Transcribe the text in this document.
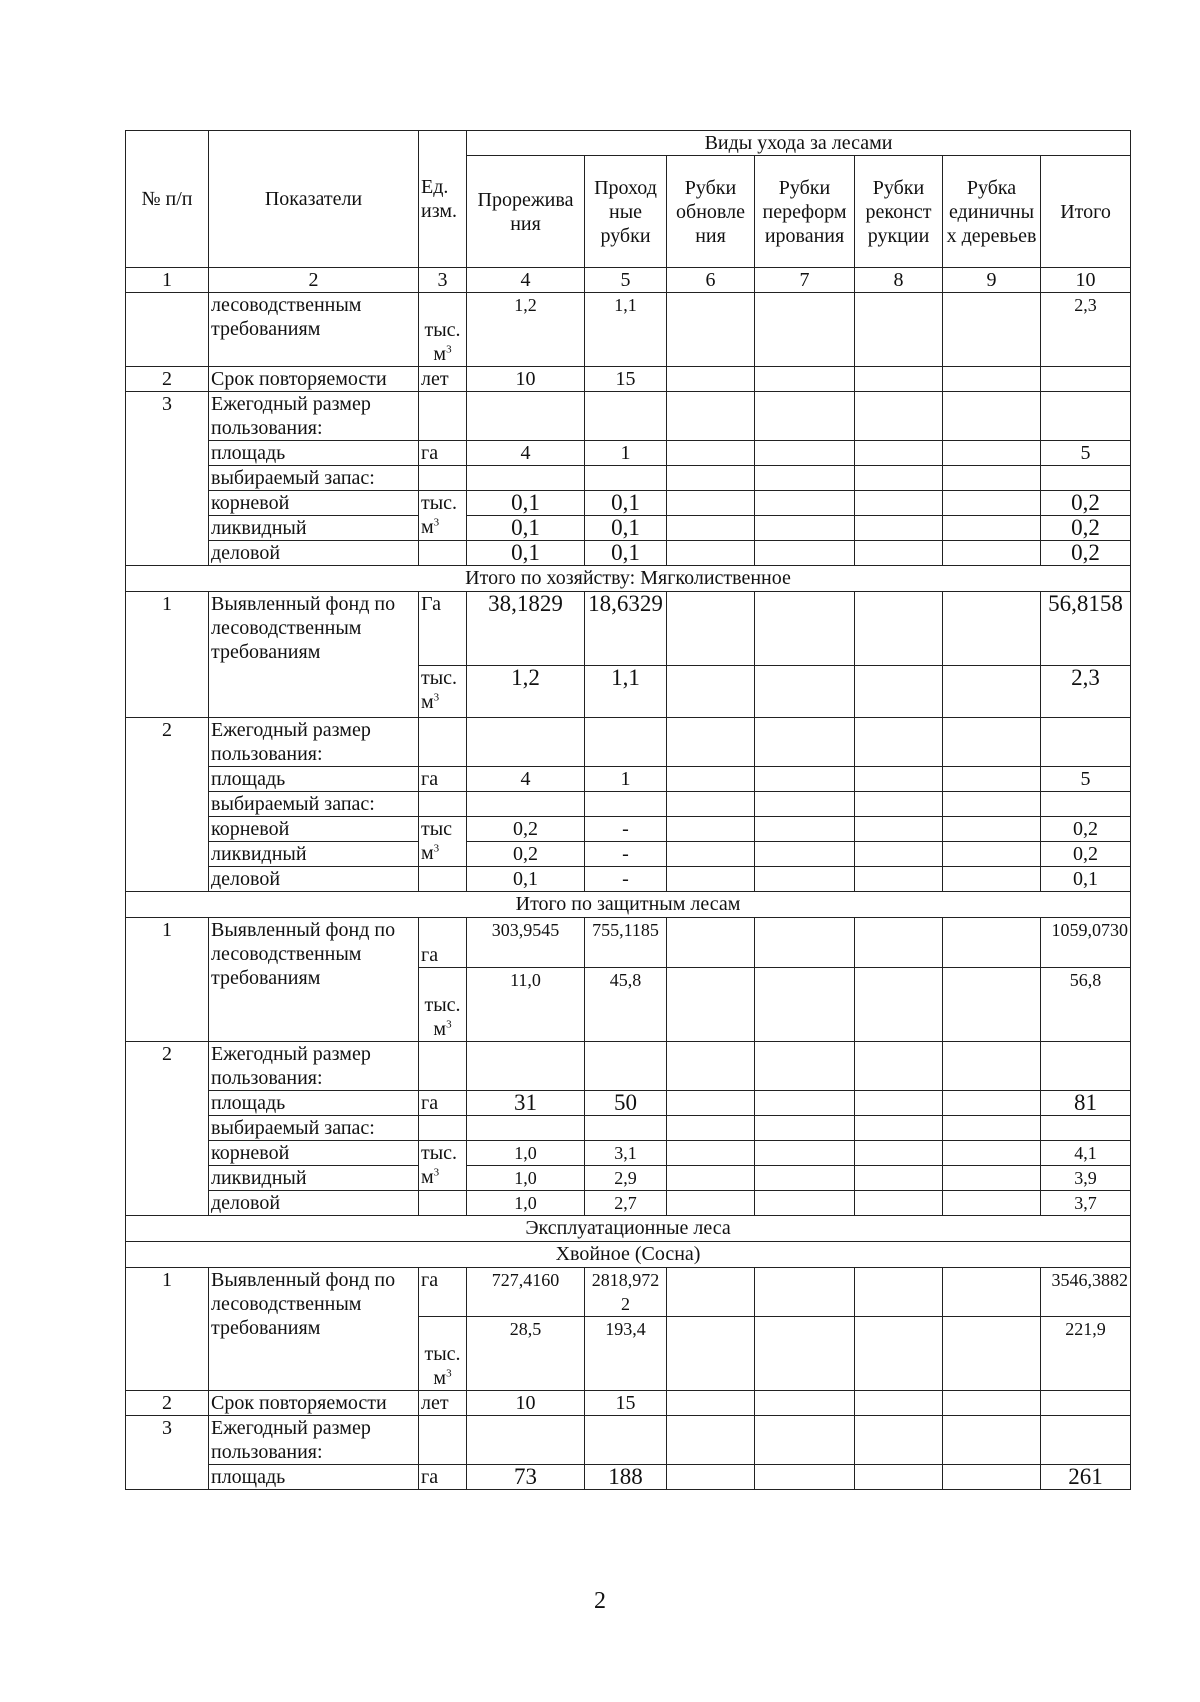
№ п/п	Показатели	Ед. изм.	Виды ухода за лесами						
			Прорежива ния	Проход ные рубки	Рубки обновле ния	Рубки переформ ирования	Рубки реконст рукции	Рубка единичны х деревьев	Итого
1	2	3	4	5	6	7	8	9	10
	лесоводственным требованиям	тыс. $м^3$	1,2	1,1					2,3
2	Срок повторяемости	лет	10	15					
3	Ежегодный размер пользования:								
	площадь	га	4	1					5
	выбираемый запас:								
	корневой	тыс. $м^3$	0,1	0,1					0,2
	ликвидный		0,1	0,1					0,2
	деловой		0,1	0,1					0,2
Итого по хозяйству: Мягколиственное									
1	Выявленный фонд по лесоводственным требованиям	Га	38,1829	18,6329					56,8158
		тыс. $м^3$	1,2	1,1					2,3
2	Ежегодный размер пользования:								
	площадь	га	4	1					5
	выбираемый запас:								
	корневой	тыс $м^3$	0,2	-					0,2
	ликвидный		0,2	-					0,2
	деловой		0,1	-					0,1
Итого по защитным лесам									
1	Выявленный фонд по лесоводственным требованиям	га	303,9545	755,1185					1059,0730
		тыс. $м^3$	11,0	45,8					56,8
2	Ежегодный размер пользования:								
	площадь	га	31	50					81
	выбираемый запас:								
	корневой	тыс. $м^3$	1,0	3,1					4,1
	ликвидный		1,0	2,9					3,9
	деловой		1,0	2,7					3,7
Эксплуатационные леса									
Хвойное (Сосна)									
1	Выявленный фонд по лесоводственным требованиям	га	727,4160	2818,972 2					3546,3882
		тыс. $м^3$	28,5	193,4					221,9
2	Срок повторяемости	лет	10	15					
3	Ежегодный размер пользования:								
	площадь	га	73	188					261
2
